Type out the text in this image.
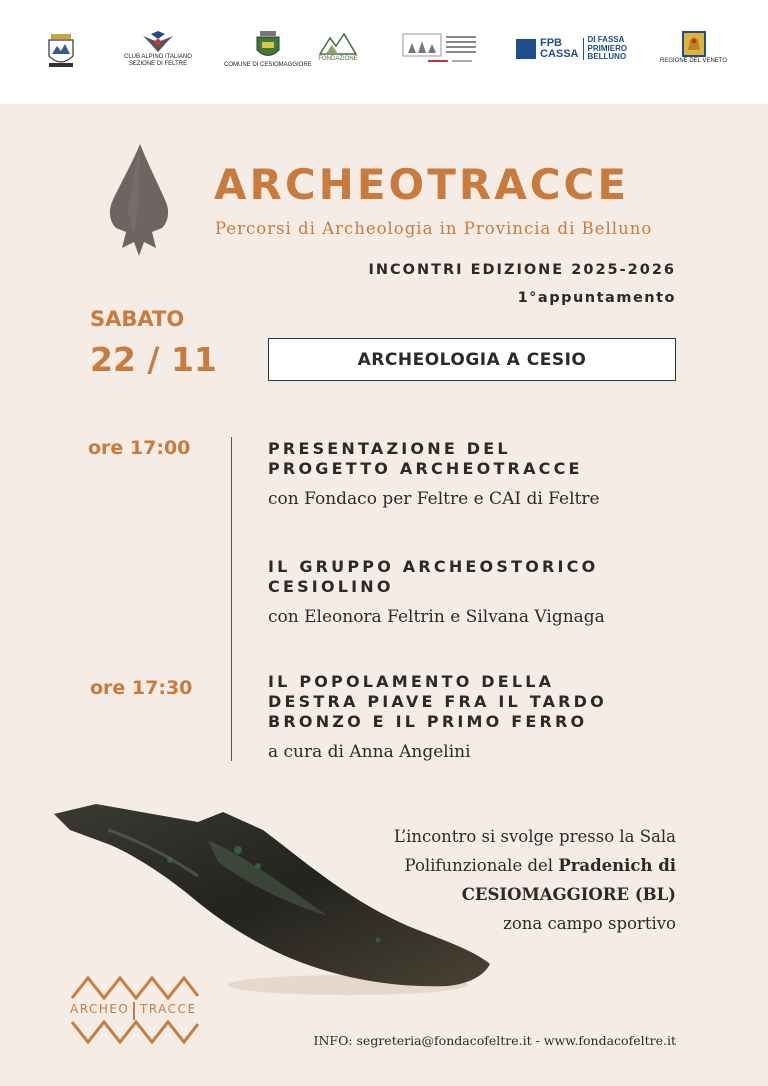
CLUB ALPINO ITALIANO
SEZIONE DI FELTRE	COMUNE DI CESIOMAGGIORE
FONDAZIONE
FPB
CASSA
DI FASSA
PRIMIERO
BELLUNO	REGIONE DEL VENETO
ARCHEOTRACCE
Percorsi di Archeologia in Provincia di Belluno
INCONTRI EDIZIONE 2025-2026
1°appuntamento
SABATO
22 / 11	ARCHEOLOGIA A CESIO
ore 17:00	PRESENTAZIONE DEL
PROGETTO ARCHEOTRACCE
con Fondaco per Feltre e CAI di Feltre
IL GRUPPO ARCHEOSTORICO
CESIOLINO
con Eleonora Feltrin e Silvana Vignaga
ore 17:30	IL POPOLAMENTO DELLA
DESTRA PIAVE FRA IL TARDO
BRONZO E IL PRIMO FERRO
a cura di Anna Angelini
L’incontro si svolge presso la Sala
Polifunzionale del Pradenich di
CESIOMAGGIORE (BL)
zona campo sportivo
ARCHEO TRACCE
INFO: segreteria@fondacofeltre.it - www.fondacofeltre.it
